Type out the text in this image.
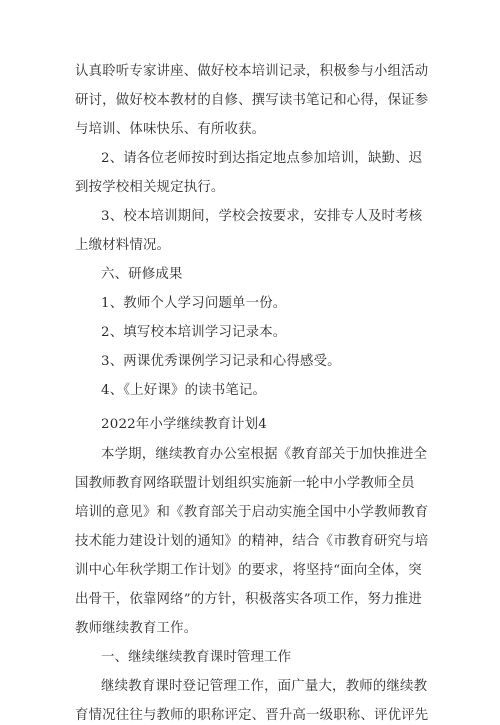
认真聆听专家讲座、做好校本培训记录，积极参与小组活动
研讨，做好校本教材的自修、撰写读书笔记和心得，保证参
与培训、体味快乐、有所收获。
2、请各位老师按时到达指定地点参加培训，缺勤、迟
到按学校相关规定执行。
3、校本培训期间，学校会按要求，安排专人及时考核
上缴材料情况。
六、研修成果
1、教师个人学习问题单一份。
2、填写校本培训学习记录本。
3、两课优秀课例学习记录和心得感受。
4、《上好课》的读书笔记。
2022年小学继续教育计划4
本学期，继续教育办公室根据《教育部关于加快推进全
国教师教育网络联盟计划组织实施新一轮中小学教师全员
培训的意见》和《教育部关于启动实施全国中小学教师教育
技术能力建设计划的通知》的精神，结合《市教育研究与培
训中心年秋学期工作计划》的要求，将坚持“面向全体，突
出骨干，依靠网络”的方针，积极落实各项工作，努力推进
教师继续教育工作。
一、继续继续教育课时管理工作
继续教育课时登记管理工作，面广量大，教师的继续教
育情况往往与教师的职称评定、晋升高一级职称、评优评先
